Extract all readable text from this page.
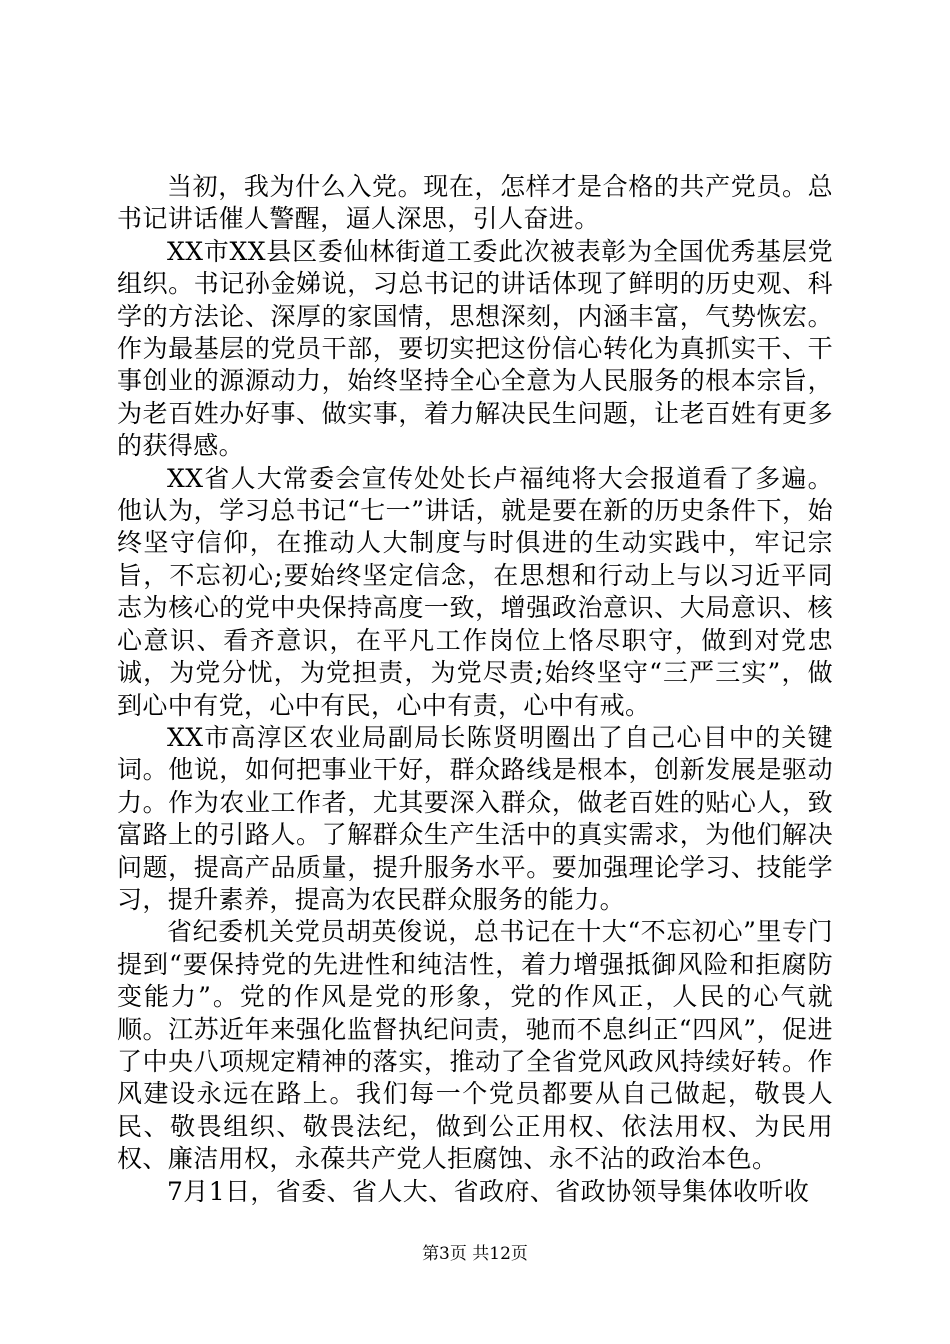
当初，我为什么入党。现在，怎样才是合格的共产党员。总书记讲话催人警醒，逼人深思，引人奋进。

XX市XX县区委仙林街道工委此次被表彰为全国优秀基层党组织。书记孙金娣说，习总书记的讲话体现了鲜明的历史观、科学的方法论、深厚的家国情，思想深刻，内涵丰富，气势恢宏。作为最基层的党员干部，要切实把这份信心转化为真抓实干、干事创业的源源动力，始终坚持全心全意为人民服务的根本宗旨，为老百姓办好事、做实事，着力解决民生问题，让老百姓有更多的获得感。

XX省人大常委会宣传处处长卢福纯将大会报道看了多遍。他认为，学习总书记“七一”讲话，就是要在新的历史条件下，始终坚守信仰，在推动人大制度与时俱进的生动实践中，牢记宗旨，不忘初心;要始终坚定信念，在思想和行动上与以习近平同志为核心的党中央保持高度一致，增强政治意识、大局意识、核心意识、看齐意识，在平凡工作岗位上恪尽职守，做到对党忠诚，为党分忧，为党担责，为党尽责;始终坚守“三严三实”，做到心中有党，心中有民，心中有责，心中有戒。

XX市高淳区农业局副局长陈贤明圈出了自己心目中的关键词。他说，如何把事业干好，群众路线是根本，创新发展是驱动力。作为农业工作者，尤其要深入群众，做老百姓的贴心人，致富路上的引路人。了解群众生产生活中的真实需求，为他们解决问题，提高产品质量，提升服务水平。要加强理论学习、技能学习，提升素养，提高为农民群众服务的能力。

省纪委机关党员胡英俊说，总书记在十大“不忘初心”里专门提到“要保持党的先进性和纯洁性，着力增强抵御风险和拒腐防变能力”。党的作风是党的形象，党的作风正，人民的心气就顺。江苏近年来强化监督执纪问责，驰而不息纠正“四风”，促进了中央八项规定精神的落实，推动了全省党风政风持续好转。作风建设永远在路上。我们每一个党员都要从自己做起，敬畏人民、敬畏组织、敬畏法纪，做到公正用权、依法用权、为民用权、廉洁用权，永葆共产党人拒腐蚀、永不沾的政治本色。

7月1日，省委、省人大、省政府、省政协领导集体收听收

第3页 共12页
